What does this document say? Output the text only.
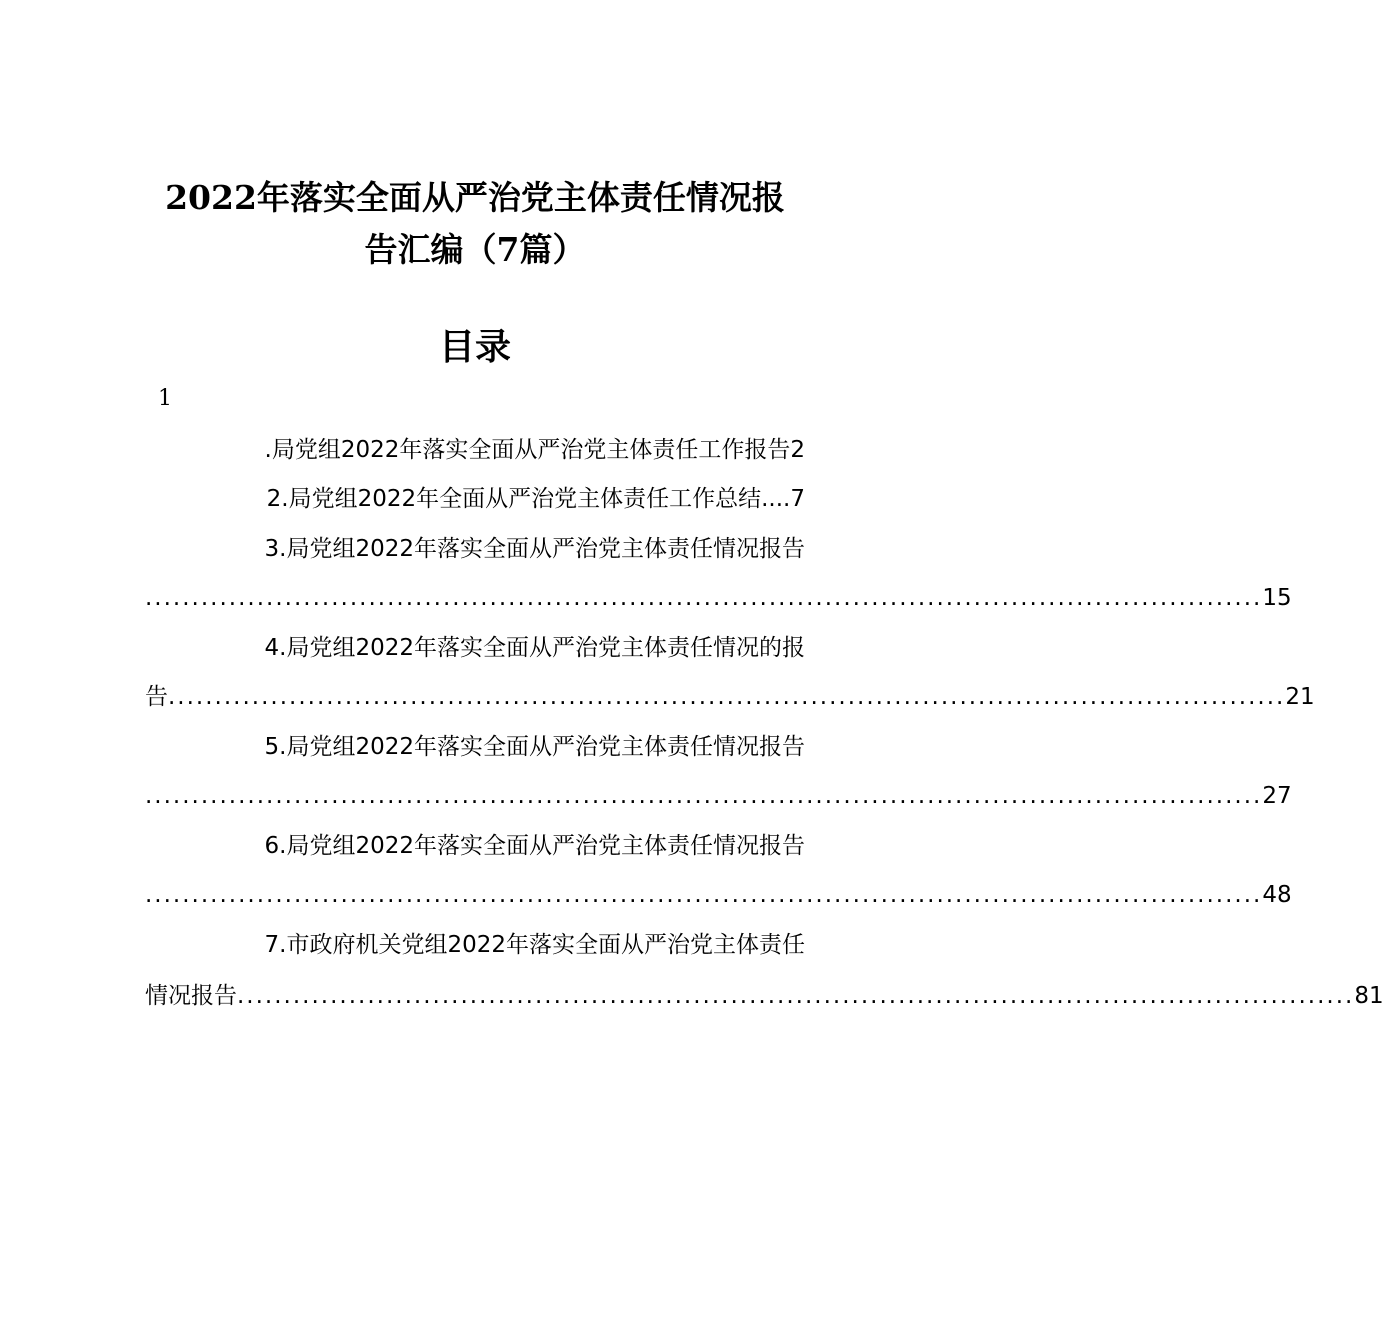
2022年落实全面从严治党主体责任情况报
告汇编（7篇）
目录
1
.局党组2022年落实全面从严治党主体责任工作报告2
2.局党组2022年全面从严治党主体责任工作总结....7
3.局党组2022年落实全面从严治党主体责任情况报告
........................................................................................................................ 15
4.局党组2022年落实全面从严治党主体责任情况的报
告 ........................................................................................................................ 21
5.局党组2022年落实全面从严治党主体责任情况报告
........................................................................................................................ 27
6.局党组2022年落实全面从严治党主体责任情况报告
........................................................................................................................ 48
7.市政府机关党组2022年落实全面从严治党主体责任
情况报告 ........................................................................................................................ 81
